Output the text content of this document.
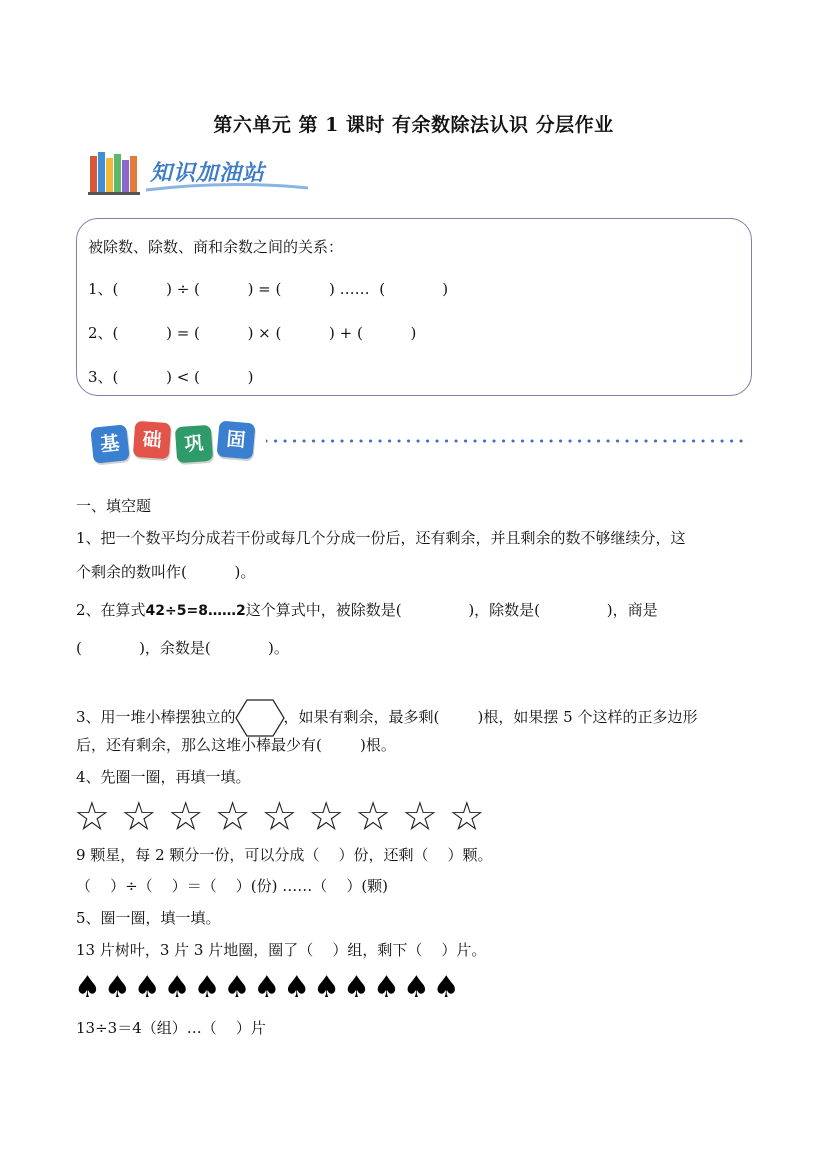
第六单元 第 1 课时 有余数除法认识 分层作业
知识加油站
被除数、除数、商和余数之间的关系：
1、(          ) ÷ (          ) = (          ) ……  (            )
2、(          ) = (          ) × (          ) + (          )
3、(          ) < (          )
基	础	巩	固
一、填空题
1、把一个数平均分成若干份或每几个分成一份后，还有剩余，并且剩余的数不够继续分，这
个剩余的数叫作(          )。
2、在算式42÷5=8……2这个算式中，被除数是(              )，除数是(              )，商是
(            )，余数是(            )。
3、用一堆小棒摆独立的	，如果有剩余，最多剩(        )根，如果摆 5 个这样的正多边形
后，还有剩余，那么这堆小棒最少有(        )根。
4、先圈一圈，再填一填。
☆☆☆☆☆☆☆☆☆
9 颗星，每 2 颗分一份，可以分成（    ）份，还剩（    ）颗。
（    ）÷（    ）＝（    ）(份) ……（    ）(颗)
5、圈一圈，填一填。
13 片树叶，3 片 3 片地圈，圈了（    ）组，剩下（    ）片。
♠♠♠♠♠♠♠♠♠♠♠♠♠
13÷3＝4（组）…（    ）片
